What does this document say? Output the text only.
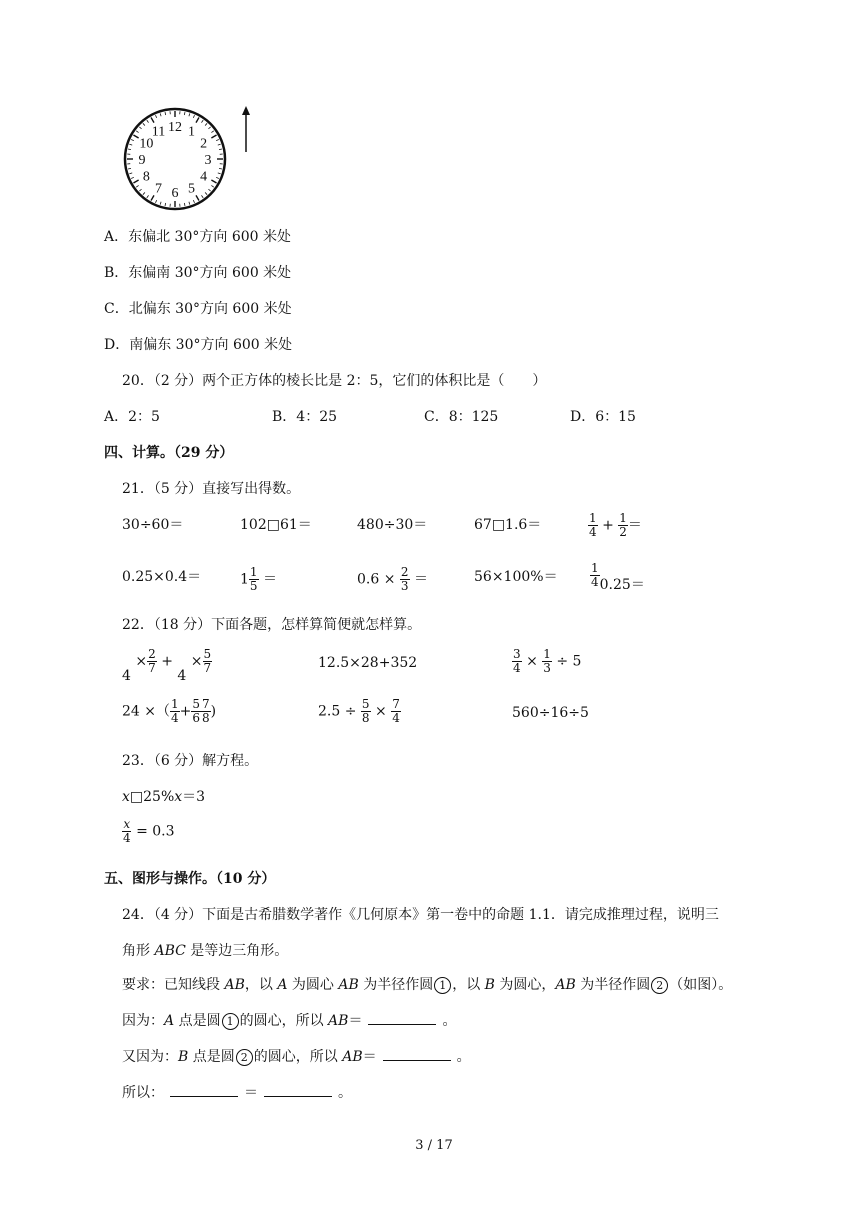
12 1
2
3
4
5
6
7
8
9
10
11
A．东偏北 30°方向 600 米处
B．东偏南 30°方向 600 米处
C．北偏东 30°方向 600 米处
D．南偏东 30°方向 600 米处
20．（2 分）两个正方体的棱长比是 2：5，它们的体积比是（　　）
A．2：5	B．4：25	C．8：125	D．6：15
四、计算。（29 分）
21．（5 分）直接写出得数。
30÷60＝	102□61＝	480÷30＝	67□1.6＝	$\frac{1}{4} + \frac{1}{2}$ ＝
0.25×0.4＝	$1 \frac{1}{5}$ ＝	$0.6 \times \frac{2}{3}$ ＝	56×100%＝	$\frac{1}{4} 0.25=$
22．（18 分）下面各题，怎样算简便就怎样算。
$4 \times \frac{2}{7} + 4 \times \frac{5}{7}$	12.5×28+352	$\frac{3}{4} \times \frac{1}{3} \div 5$
24 ×（ $\frac{1}{4} + \frac{5}{6} \frac{7}{8}$ )	$2.5 \div \frac{5}{8} \times \frac{7}{4}$	560÷16÷5
23．（6 分）解方程。
x□25%x＝3
$\frac{x}{4} = 0.3$
五、图形与操作。（10 分）
24．（4 分）下面是古希腊数学著作《几何原本》第一卷中的命题 1.1．请完成推理过程，说明三
角形 ABC 是等边三角形。
要求：已知线段 AB，以 A 为圆心 AB 为半径作圆 1 ，以 B 为圆心，AB 为半径作圆 2 （如图）。
因为：A 点是圆 1 的圆心，所以 AB＝	。
又因为：B 点是圆 2 的圆心，所以 AB＝	。
所以：	＝	。
3 / 17
